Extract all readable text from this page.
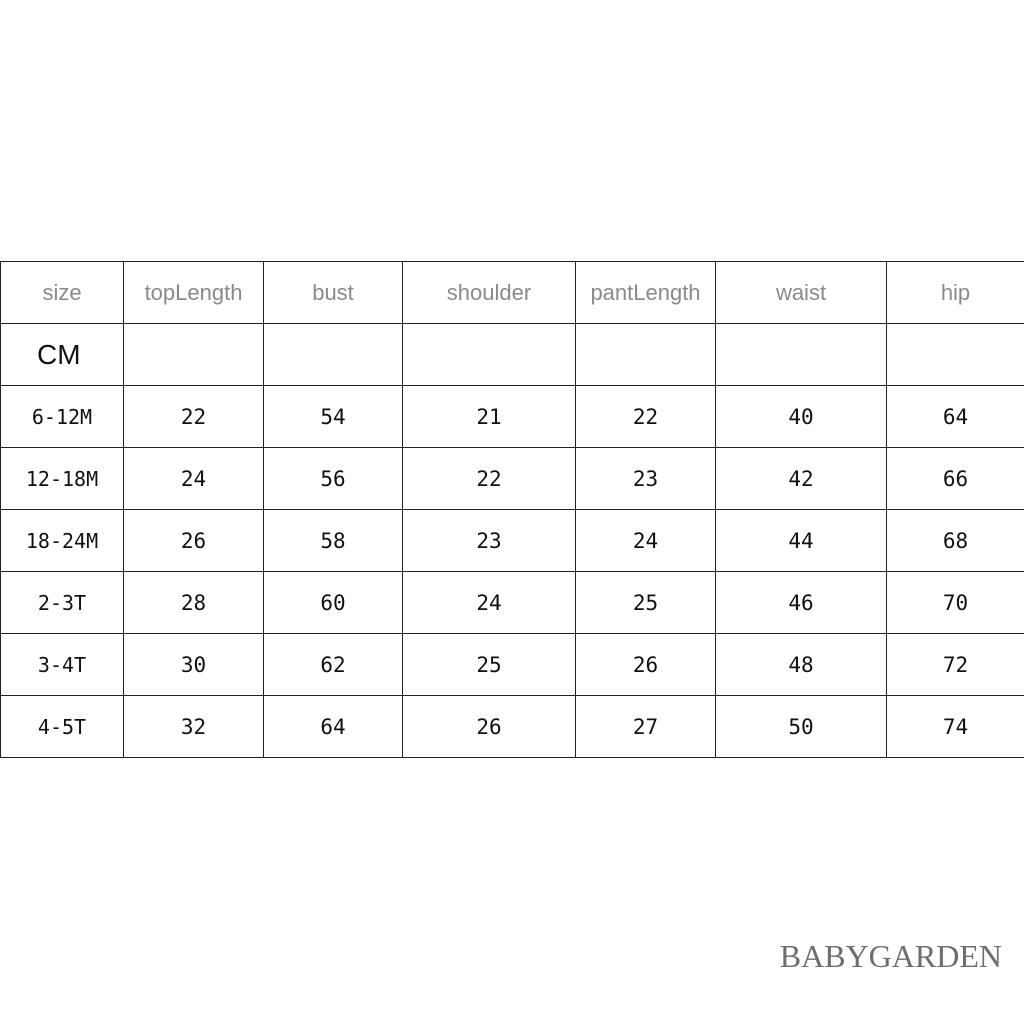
size	topLength	bust	shoulder	pantLength	waist	hip
CM						
6-12M	22	54	21	22	40	64
12-18M	24	56	22	23	42	66
18-24M	26	58	23	24	44	68
2-3T	28	60	24	25	46	70
3-4T	30	62	25	26	48	72
4-5T	32	64	26	27	50	74
BABYGARDEN
